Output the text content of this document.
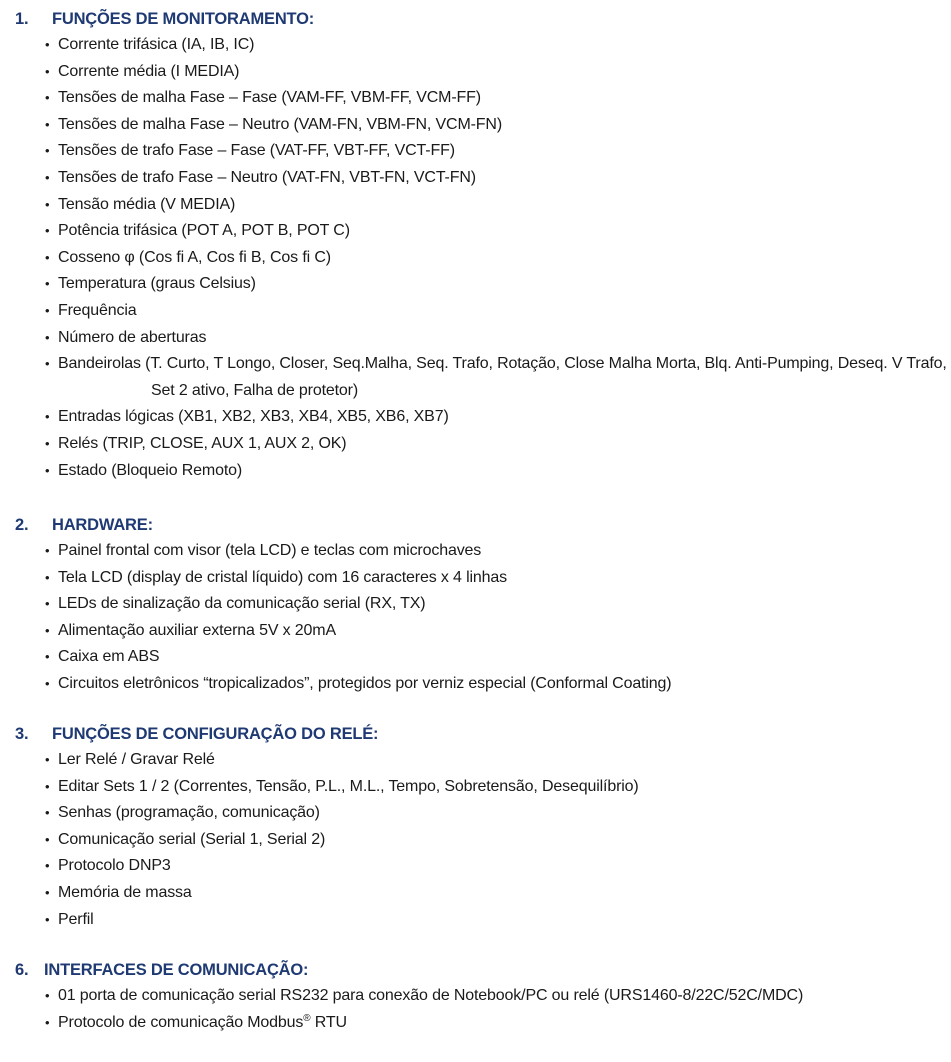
1. FUNÇÕES DE MONITORAMENTO:
• Corrente trifásica (IA, IB, IC)
• Corrente média (I MEDIA)
• Tensões de malha Fase – Fase (VAM-FF, VBM-FF, VCM-FF)
• Tensões de malha Fase – Neutro (VAM-FN, VBM-FN, VCM-FN)
• Tensões de trafo Fase – Fase (VAT-FF, VBT-FF, VCT-FF)
• Tensões de trafo Fase – Neutro (VAT-FN, VBT-FN, VCT-FN)
• Tensão média (V MEDIA)
• Potência trifásica (POT A, POT B, POT C)
• Cosseno φ (Cos fi A, Cos fi B, Cos fi C)
• Temperatura (graus Celsius)
• Frequência
• Número de aberturas
• Bandeirolas (T. Curto, T Longo, Closer, Seq.Malha, Seq. Trafo, Rotação, Close Malha Morta, Blq. Anti-Pumping, Deseq. V Trafo,
Set 2 ativo, Falha de protetor)
• Entradas lógicas (XB1, XB2, XB3, XB4, XB5, XB6, XB7)
• Relés (TRIP, CLOSE, AUX 1, AUX 2, OK)
• Estado (Bloqueio Remoto)
2. HARDWARE:
• Painel frontal com visor (tela LCD) e teclas com microchaves
• Tela LCD (display de cristal líquido) com 16 caracteres x 4 linhas
• LEDs de sinalização da comunicação serial (RX, TX)
• Alimentação auxiliar externa 5V x 20mA
• Caixa em ABS
• Circuitos eletrônicos “tropicalizados”, protegidos por verniz especial (Conformal Coating)
3. FUNÇÕES DE CONFIGURAÇÃO DO RELÉ:
• Ler Relé / Gravar Relé
• Editar Sets 1 / 2 (Correntes, Tensão, P.L., M.L., Tempo, Sobretensão, Desequilíbrio)
• Senhas (programação, comunicação)
• Comunicação serial (Serial 1, Serial 2)
• Protocolo DNP3
• Memória de massa
• Perfil
6. INTERFACES DE COMUNICAÇÃO:
• 01 porta de comunicação serial RS232 para conexão de Notebook/PC ou relé (URS1460-8/22C/52C/MDC)
• Protocolo de comunicação Modbus® RTU
